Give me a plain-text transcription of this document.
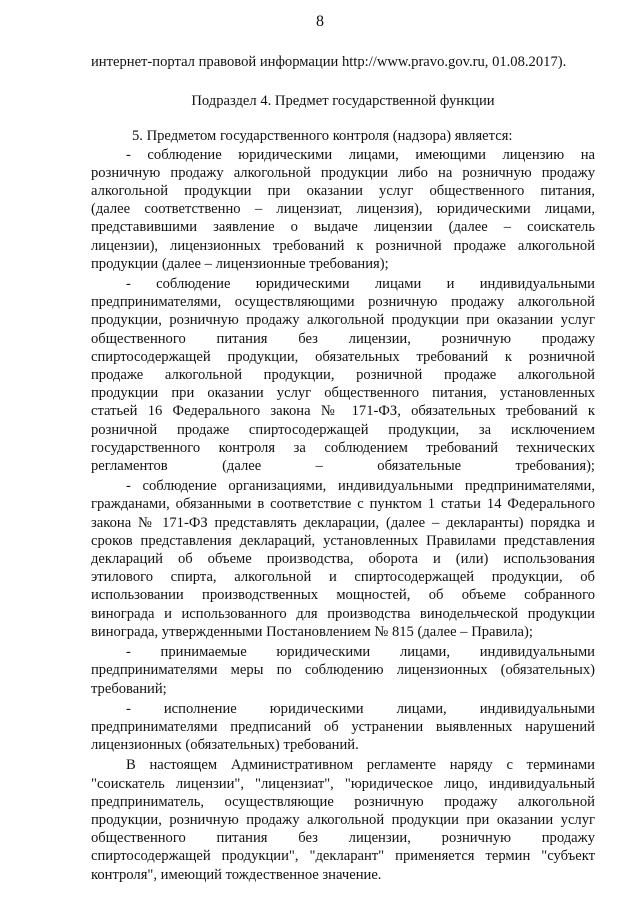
8
интернет-портал правовой информации http://www.pravo.gov.ru, 01.08.2017).
Подраздел 4. Предмет государственной функции
5. Предметом государственного контроля (надзора) является:
- соблюдение юридическими лицами, имеющими лицензию на
розничную продажу алкогольной продукции либо на розничную продажу
алкогольной продукции при оказании услуг общественного питания,
(далее соответственно – лицензиат, лицензия), юридическими лицами,
представившими заявление о выдаче лицензии (далее – соискатель
лицензии), лицензионных требований к розничной продаже алкогольной
продукции (далее – лицензионные требования);
- соблюдение юридическими лицами и индивидуальными
предпринимателями, осуществляющими розничную продажу алкогольной
продукции, розничную продажу алкогольной продукции при оказании услуг
общественного питания без лицензии, розничную продажу
спиртосодержащей продукции, обязательных требований к розничной
продаже алкогольной продукции, розничной продаже алкогольной
продукции при оказании услуг общественного питания, установленных
статьей 16 Федерального закона № 171-ФЗ, обязательных требований к
розничной продаже спиртосодержащей продукции, за исключением
государственного контроля за соблюдением требований технических
регламентов (далее – обязательные требования);
- соблюдение организациями, индивидуальными предпринимателями,
гражданами, обязанными в соответствие с пунктом 1 статьи 14 Федерального
закона № 171-ФЗ представлять декларации, (далее – декларанты) порядка и
сроков представления деклараций, установленных Правилами представления
деклараций об объеме производства, оборота и (или) использования
этилового спирта, алкогольной и спиртосодержащей продукции, об
использовании производственных мощностей, об объеме собранного
винограда и использованного для производства винодельческой продукции
винограда, утвержденными Постановлением № 815 (далее – Правила);
- принимаемые юридическими лицами, индивидуальными
предпринимателями меры по соблюдению лицензионных (обязательных)
требований;
- исполнение юридическими лицами, индивидуальными
предпринимателями предписаний об устранении выявленных нарушений
лицензионных (обязательных) требований.
В настоящем Административном регламенте наряду с терминами
"соискатель лицензии", "лицензиат", "юридическое лицо, индивидуальный
предприниматель, осуществляющие розничную продажу алкогольной
продукции, розничную продажу алкогольной продукции при оказании услуг
общественного питания без лицензии, розничную продажу
спиртосодержащей продукции", "декларант" применяется термин "субъект
контроля", имеющий тождественное значение.
